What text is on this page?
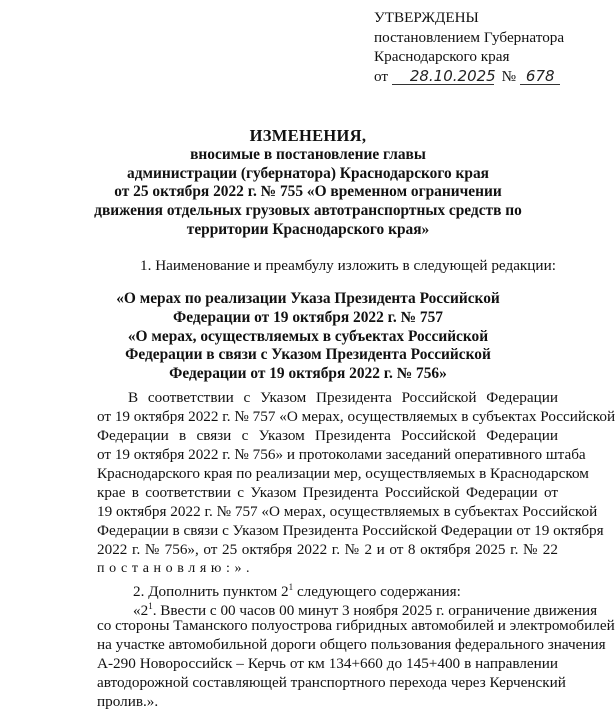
УТВЕРЖДЕНЫ
постановлением Губернатора
Краснодарского края
от 28.10.2025 № 678
ИЗМЕНЕНИЯ,
вносимые в постановление главы
администрации (губернатора) Краснодарского края
от 25 октября 2022 г. № 755 «О временном ограничении
движения отдельных грузовых автотранспортных средств по
территории Краснодарского края»
1. Наименование и преамбулу изложить в следующей редакции:
«О мерах по реализации Указа Президента Российской
Федерации от 19 октября 2022 г. № 757
«О мерах, осуществляемых в субъектах Российской
Федерации в связи с Указом Президента Российской
Федерации от 19 октября 2022 г. № 756»
В соответствии с Указом Президента Российской Федерации
от 19 октября 2022 г. № 757 «О мерах, осуществляемых в субъектах Российской
Федерации в связи с Указом Президента Российской Федерации
от 19 октября 2022 г. № 756» и протоколами заседаний оперативного штаба
Краснодарского края по реализации мер, осуществляемых в Краснодарском
крае в соответствии с Указом Президента Российской Федерации от
19 октября 2022 г. № 757 «О мерах, осуществляемых в субъектах Российской
Федерации в связи с Указом Президента Российской Федерации от 19 октября
2022 г. № 756», от 25 октября 2022 г. № 2 и от 8 октября 2025 г. № 22
постановляю:».
2. Дополнить пунктом $2^1$ следующего содержания:
«$2^1$. Ввести с 00 часов 00 минут 3 ноября 2025 г. ограничение движения
со стороны Таманского полуострова гибридных автомобилей и электромобилей
на участке автомобильной дороги общего пользования федерального значения
А-290 Новороссийск – Керчь от км 134+660 до 145+400 в направлении
автодорожной составляющей транспортного перехода через Керченский
пролив.».
